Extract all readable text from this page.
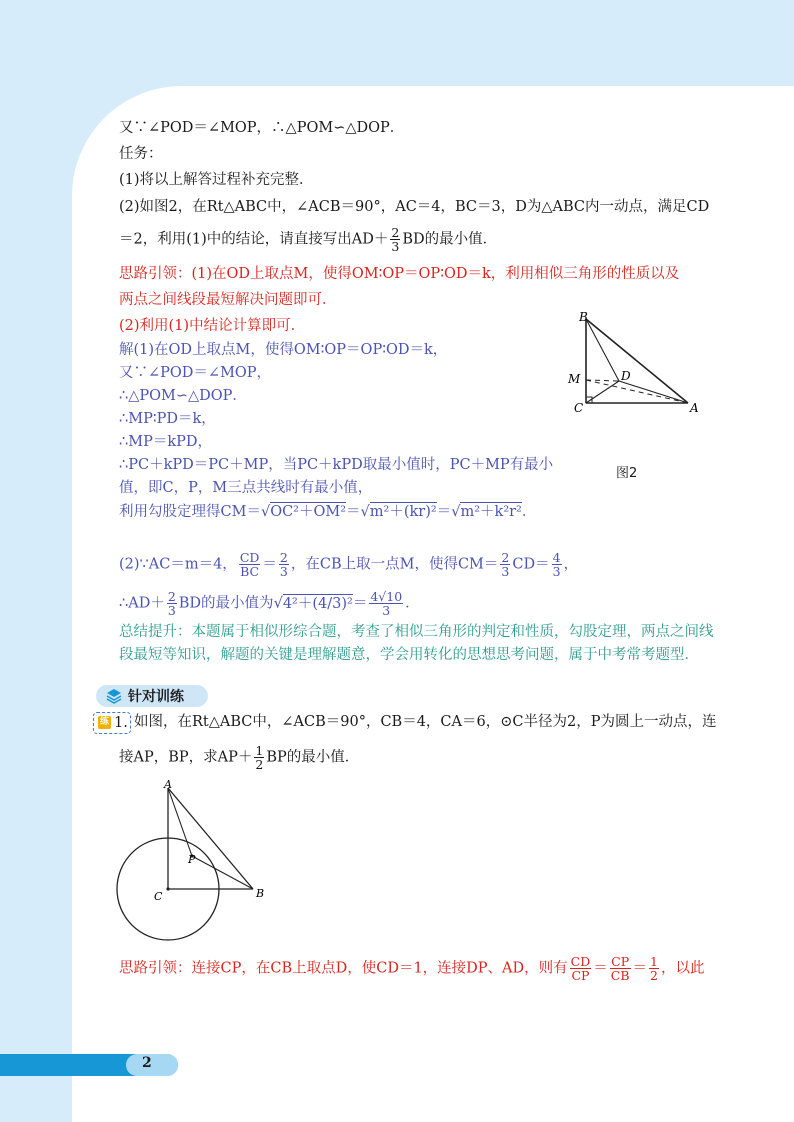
又∵∠POD＝∠MOP，∴△POM∽△DOP．
任务：
(1)将以上解答过程补充完整．
(2)如图2，在Rt△ABC中，∠ACB＝90°，AC＝4，BC＝3，D为△ABC内一动点，满足CD
＝2，利用(1)中的结论，请直接写出$AD+ \frac{2}{3}$ BD的最小值．
思路引领：(1)在OD上取点M，使得OM∶OP＝OP∶OD＝k，利用相似三角形的性质以及
两点之间线段最短解决问题即可．
(2)利用(1)中结论计算即可．
解(1)在OD上取点M，使得OM∶OP＝OP∶OD＝k，
又∵∠POD＝∠MOP，
∴△POM∽△DOP．
∴MP∶PD＝k，
∴MP＝kPD，
∴PC＋kPD＝PC＋MP，当PC＋kPD取最小值时，PC＋MP有最小
值，即C，P，M三点共线时有最小值，
利用勾股定理得CM＝√OC²＋OM²＝√m²＋(kr)²＝√m²＋k²r²．
(2)∵AC＝m＝4， $\frac{CD}{BC} = \frac{2}{3}$ ，在CB上取一点M，使得$CM= \frac{2}{3} CD= \frac{4}{3}$ ，
∴AD＋ $\frac{2}{3}$ BD的最小值为$√4^2+(4/3)^2= \frac{4√10}{3}$ ．
总结提升：本题属于相似形综合题，考查了相似三角形的判定和性质，勾股定理，两点之间线
段最短等知识，解题的关键是理解题意，学会用转化的思想思考问题，属于中考常考题型．
B
M	D
C	A
图2
针对训练
练 1. 如图，在Rt△ABC中，∠ACB＝90°，CB＝4，CA＝6，⊙C半径为2，P为圆上一动点，连
接AP，BP，求$AP+ \frac{1}{2}$ BP的最小值．
A
P
C	B
思路引领：连接CP，在CB上取点D，使CD＝1，连接DP、AD，则有 $\frac{CD}{CP} = \frac{CP}{CB} = \frac{1}{2}$ ，以此
2
